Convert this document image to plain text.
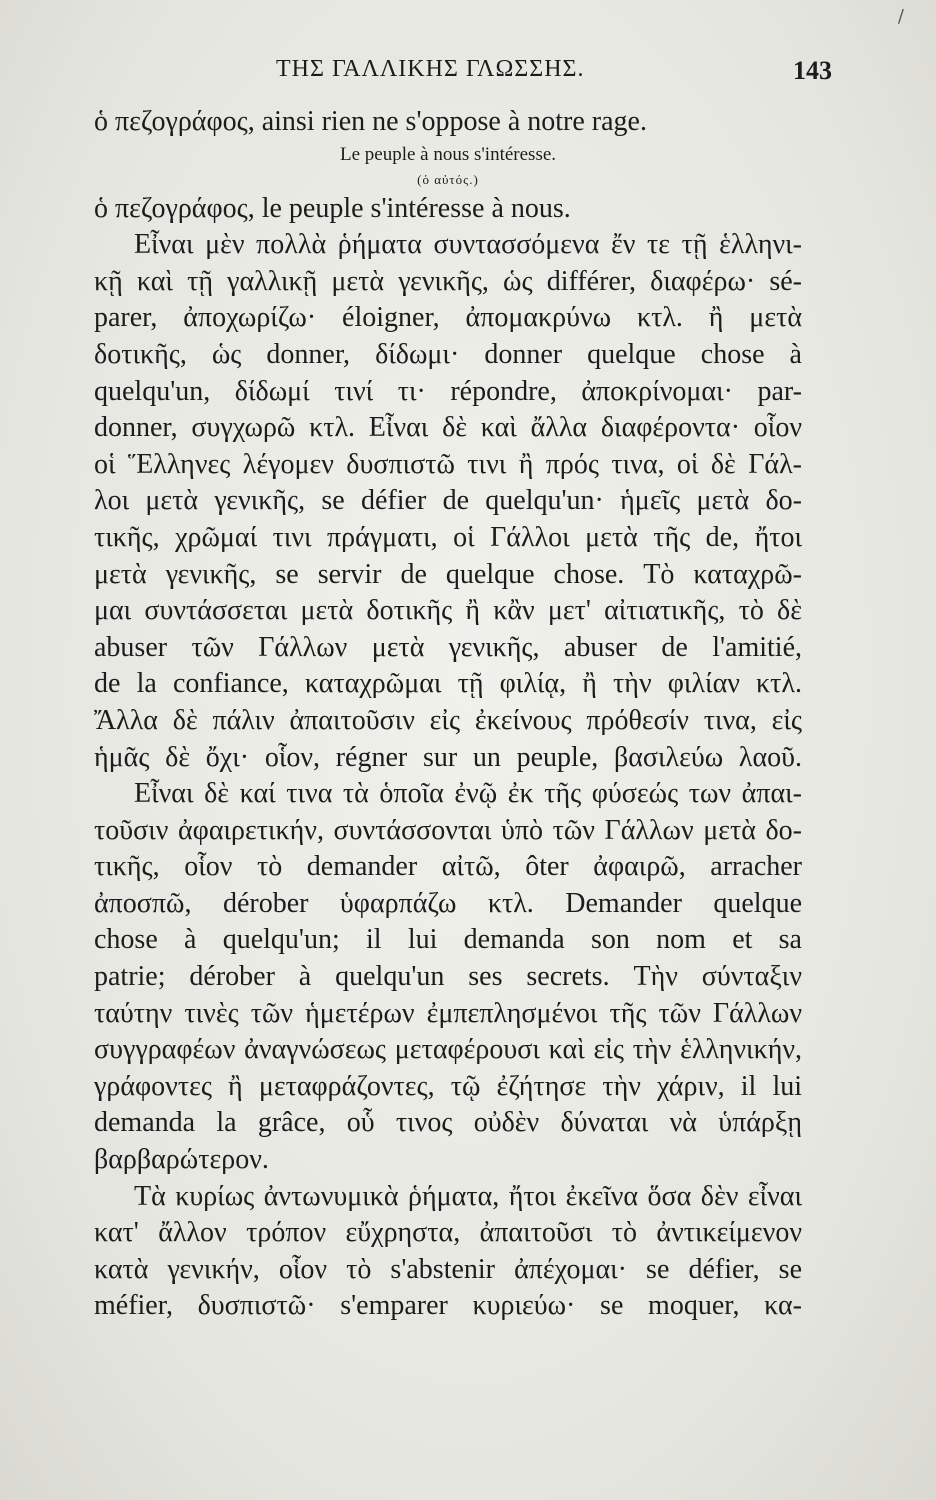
ΤΗΣ ΓΑΛΛΙΚΗΣ ΓΛΩΣΣΗΣ.	143
/
ὁ πεζογράφος, ainsi rien ne s'oppose à notre rage.
Le peuple à nous s'intéresse.
(ὁ αὐτός.)
ὁ πεζογράφος, le peuple s'intéresse à nous.
Εἶναι μὲν πολλὰ ῥήματα συντασσόμενα ἔν τε τῇ ἑλληνι-
κῇ καὶ τῇ γαλλικῇ μετὰ γενικῆς, ὡς différer, διαφέρω· sé-
parer, ἀποχωρίζω· éloigner, ἀπομακρύνω κτλ. ἢ μετὰ
δοτικῆς, ὡς donner, δίδωμι· donner quelque chose à
quelqu'un, δίδωμί τινί τι· répondre, ἀποκρίνομαι· par-
donner, συγχωρῶ κτλ. Εἶναι δὲ καὶ ἄλλα διαφέροντα· οἷον
οἱ Ἕλληνες λέγομεν δυσπιστῶ τινι ἢ πρός τινα, οἱ δὲ Γάλ-
λοι μετὰ γενικῆς, se défier de quelqu'un· ἡμεῖς μετὰ δο-
τικῆς, χρῶμαί τινι πράγματι, οἱ Γάλλοι μετὰ τῆς de, ἤτοι
μετὰ γενικῆς, se servir de quelque chose. Τὸ καταχρῶ-
μαι συντάσσεται μετὰ δοτικῆς ἢ κἂν μετ' αἰτιατικῆς, τὸ δὲ
abuser τῶν Γάλλων μετὰ γενικῆς, abuser de l'amitié,
de la confiance, καταχρῶμαι τῇ φιλίᾳ, ἢ τὴν φιλίαν κτλ.
Ἄλλα δὲ πάλιν ἀπαιτοῦσιν εἰς ἐκείνους πρόθεσίν τινα, εἰς
ἡμᾶς δὲ ὄχι· οἷον, régner sur un peuple, βασιλεύω λαοῦ.
Εἶναι δὲ καί τινα τὰ ὁποῖα ἐνῷ ἐκ τῆς φύσεώς των ἀπαι-
τοῦσιν ἀφαιρετικήν, συντάσσονται ὑπὸ τῶν Γάλλων μετὰ δο-
τικῆς, οἷον τὸ demander αἰτῶ, ôter ἀφαιρῶ, arracher
ἀποσπῶ, dérober ὑφαρπάζω κτλ. Demander quelque
chose à quelqu'un; il lui demanda son nom et sa
patrie; dérober à quelqu'un ses secrets. Τὴν σύνταξιν
ταύτην τινὲς τῶν ἡμετέρων ἐμπεπλησμένοι τῆς τῶν Γάλλων
συγγραφέων ἀναγνώσεως μεταφέρουσι καὶ εἰς τὴν ἑλληνικήν,
γράφοντες ἢ μεταφράζοντες, τῷ ἐζήτησε τὴν χάριν, il lui
demanda la grâce, οὗ τινος οὐδὲν δύναται νὰ ὑπάρξῃ
βαρβαρώτερον.
Τὰ κυρίως ἀντωνυμικὰ ῥήματα, ἤτοι ἐκεῖνα ὅσα δὲν εἶναι
κατ' ἄλλον τρόπον εὔχρηστα, ἀπαιτοῦσι τὸ ἀντικείμενον
κατὰ γενικήν, οἷον τὸ s'abstenir ἀπέχομαι· se défier, se
méfier, δυσπιστῶ· s'emparer κυριεύω· se moquer, κα-
